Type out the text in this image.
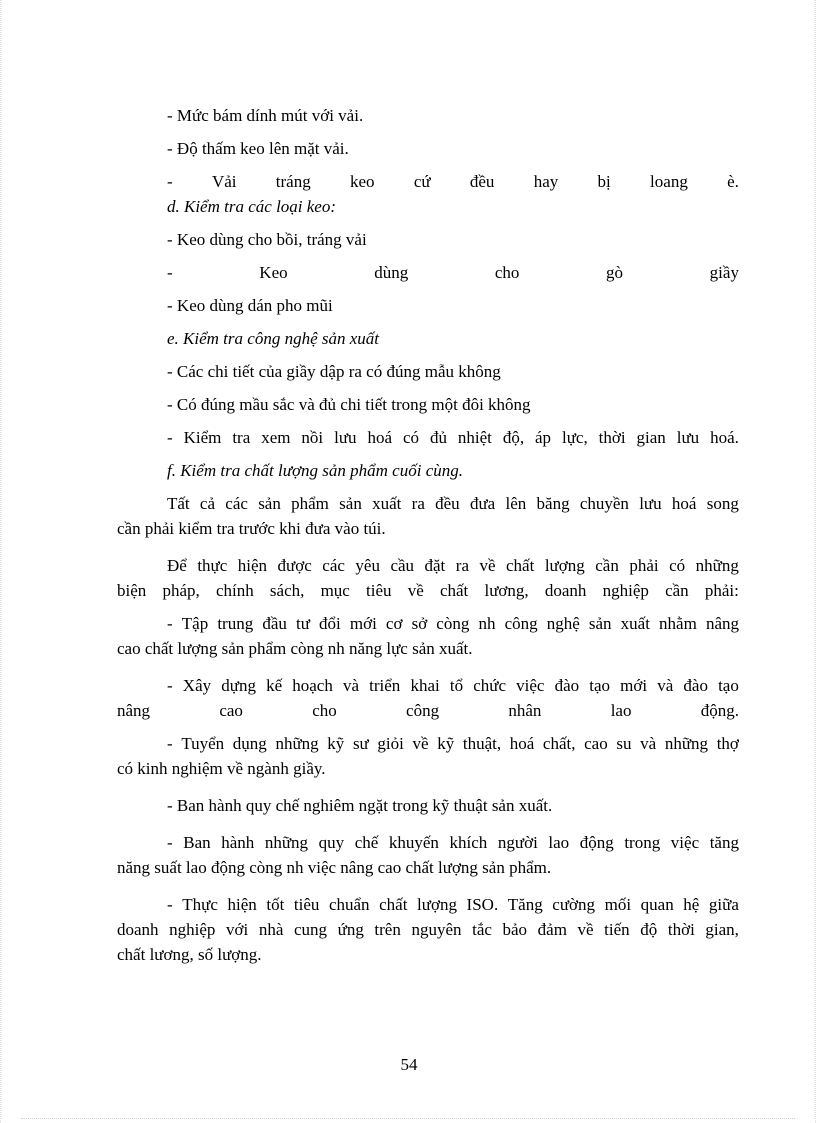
- Mức bám dính mút với vải.
- Độ thấm keo lên mặt vải.
- Vải tráng keo cứ đều hay bị loang è.
d. Kiểm tra các loại keo:
- Keo dùng cho bồi, tráng vải
-	Keo	dùng	cho	gò	giầy
- Keo dùng dán pho mũi
e. Kiểm tra công nghệ sản xuất
- Các chi tiết của giầy dập ra có đúng mẫu không
- Có đúng mầu sắc và đủ chi tiết trong một đôi không
- Kiểm tra xem nồi lưu hoá có đủ nhiệt độ, áp lực, thời gian lưu hoá.
f. Kiểm tra chất lượng sản phẩm cuối cùng.
Tất cả các sản phẩm sản xuất ra đều đưa lên băng chuyền lưu hoá song
cần phải kiểm tra trước khi đưa vào túi.
Để thực hiện được các yêu cầu đặt ra về chất lượng cần phải có những
biện pháp, chính sách, mục tiêu về chất lương, doanh nghiệp cần phải:
- Tập trung đầu tư đổi mới cơ sở còng nh công nghệ sản xuất nhằm nâng
cao chất lượng sản phẩm còng nh năng lực sản xuất.
- Xây dựng kế hoạch và triển khai tổ chức việc đào tạo mới và đào tạo
nâng	cao	cho	công	nhân	lao	động.
- Tuyển dụng những kỹ sư giỏi về kỹ thuật, hoá chất, cao su và những thợ
có kinh nghiệm về ngành giầy.
- Ban hành quy chế nghiêm ngặt trong kỹ thuật sản xuất.
- Ban hành những quy chế khuyến khích người lao động trong việc tăng
năng suất lao động còng nh việc nâng cao chất lượng sản phẩm.
- Thực hiện tốt tiêu chuẩn chất lượng ISO. Tăng cường mối quan hệ giữa
doanh nghiệp với nhà cung ứng trên nguyên tắc bảo đảm về tiến độ thời gian,
chất lương, số lượng.
54
